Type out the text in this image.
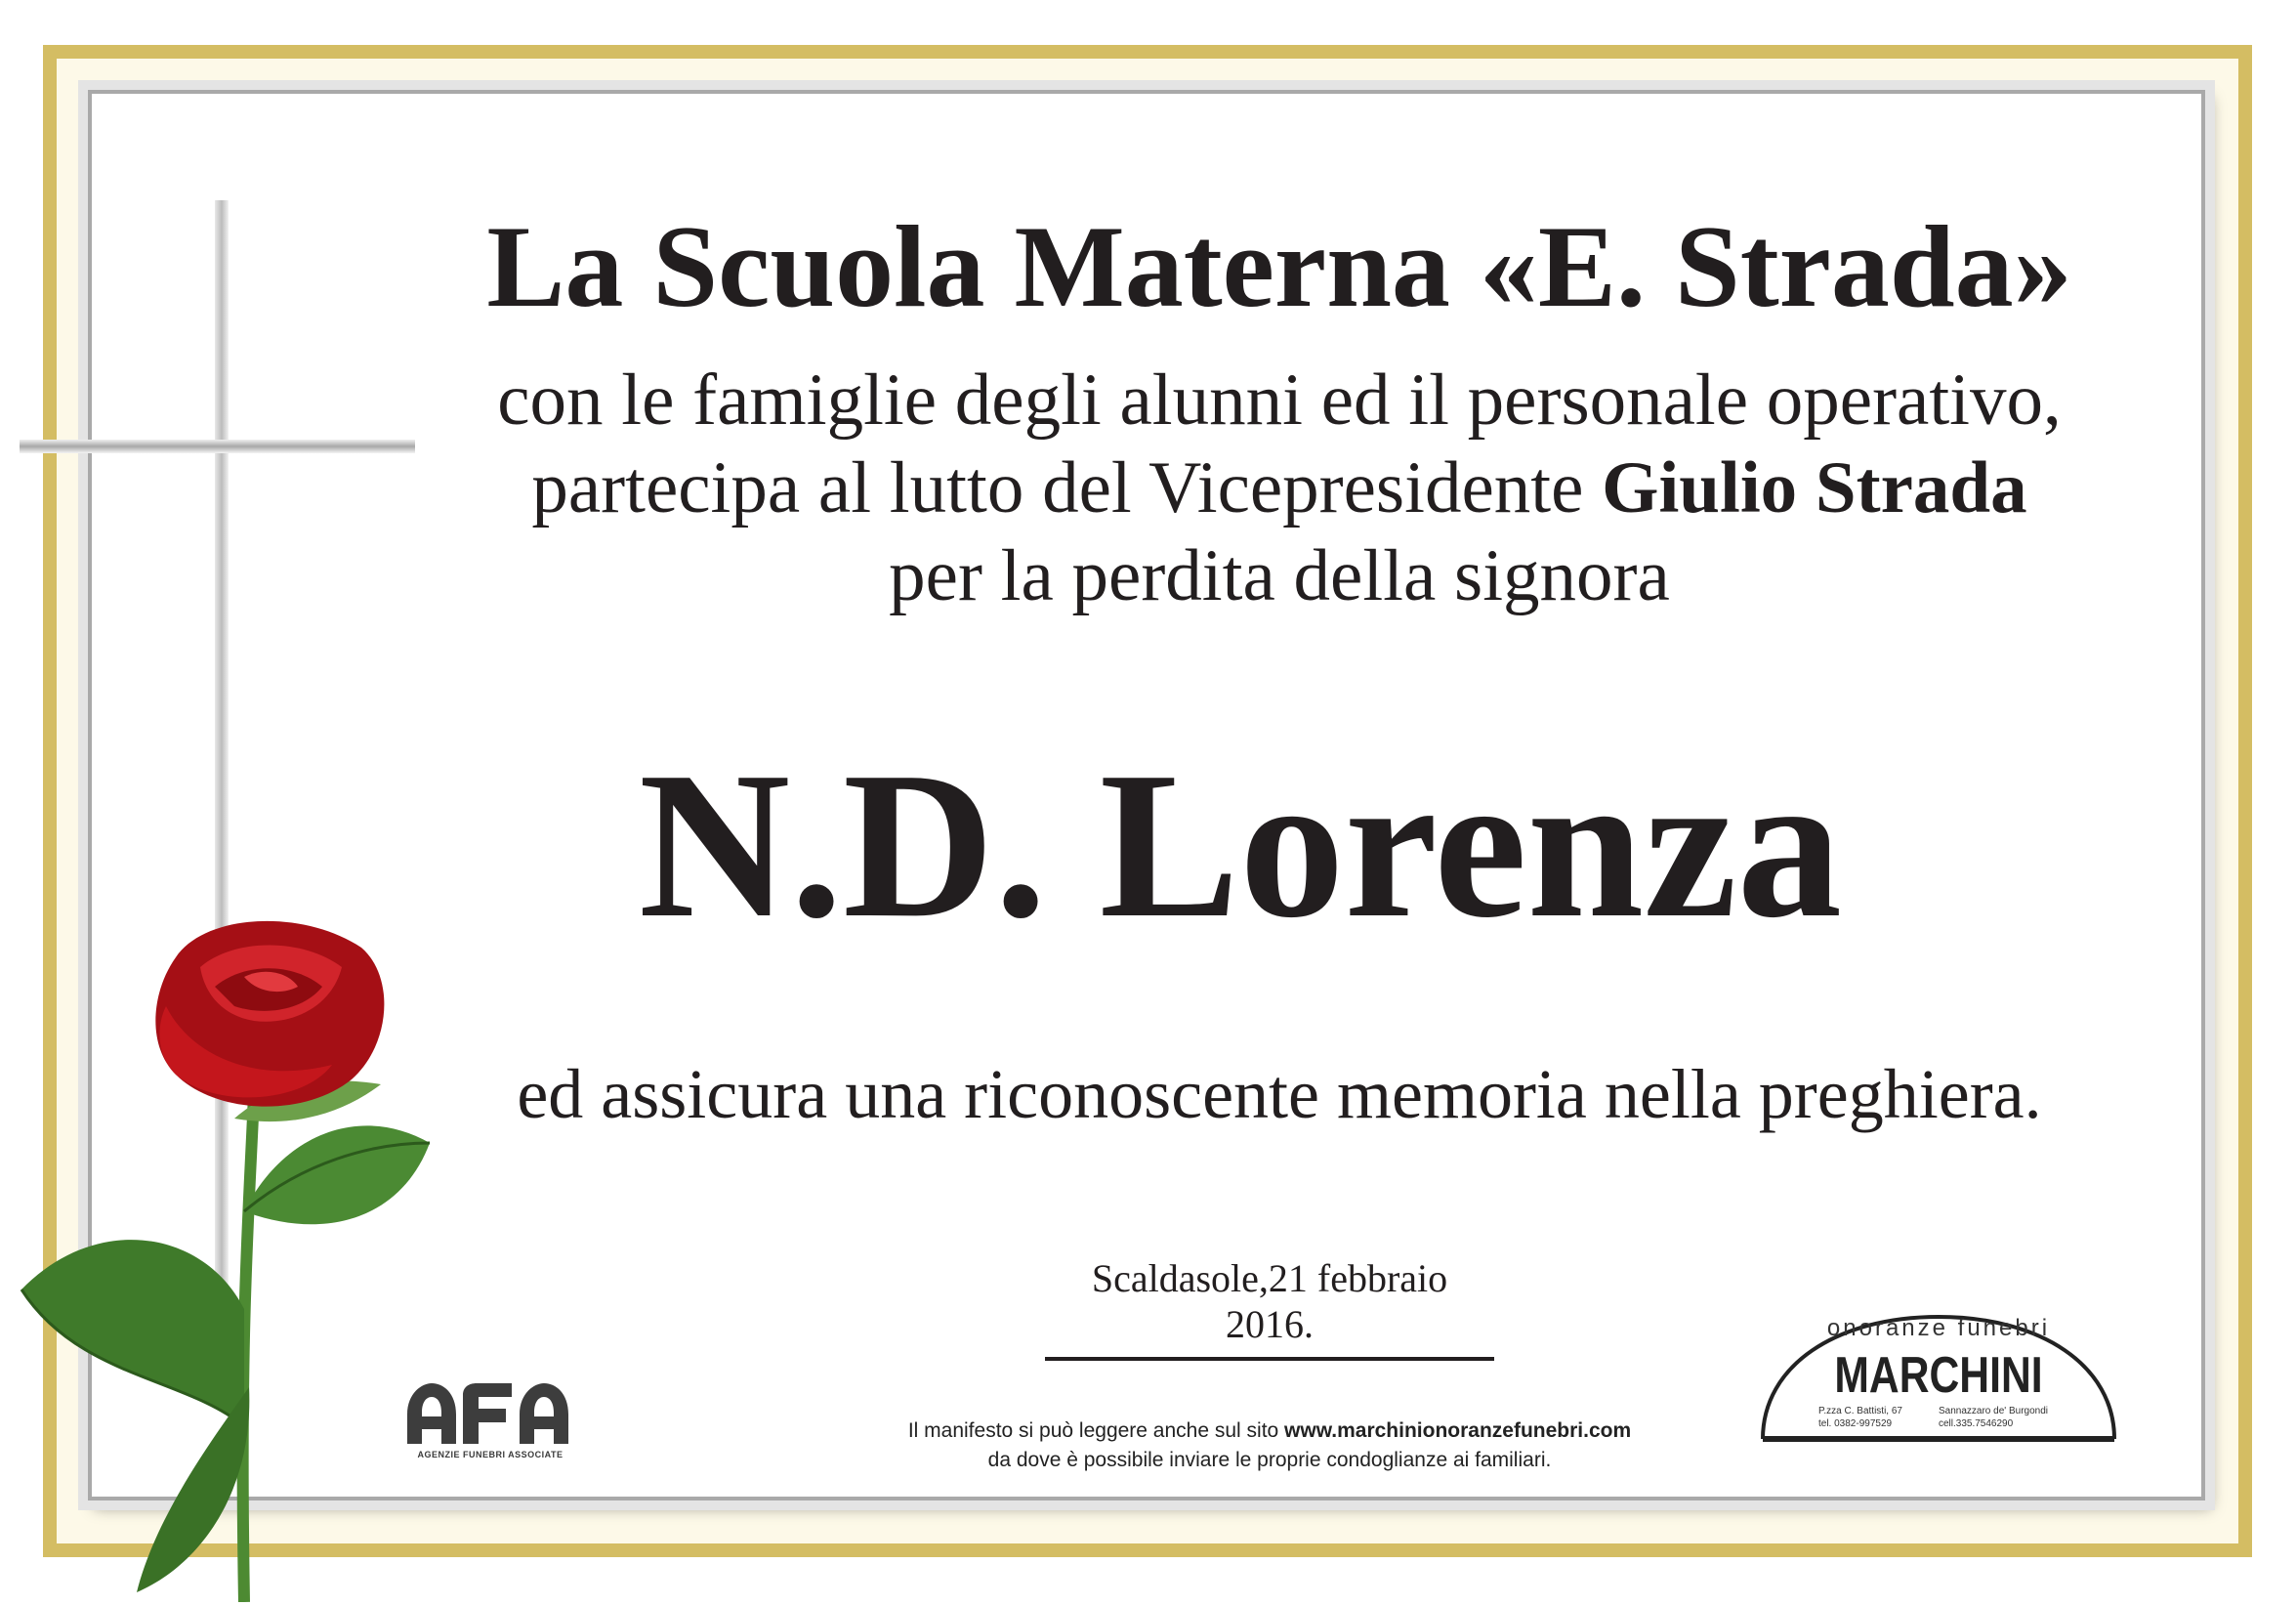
La Scuola Materna «E. Strada»
con le famiglie degli alunni ed il personale operativo,
partecipa al lutto del Vicepresidente Giulio Strada
per la perdita della signora
N.D. Lorenza
ed assicura una riconoscente memoria nella preghiera.
Scaldasole,21 febbraio 2016.
AGENZIE FUNEBRI ASSOCIATE
Il manifesto si può leggere anche sul sito www.marchinionoranzefunebri.com
da dove è possibile inviare le proprie condoglianze ai familiari.
onoranze funebri
MARCHINI
P.zza C. Battisti, 67
tel. 0382-997529
Sannazzaro de' Burgondi
cell.335.7546290
